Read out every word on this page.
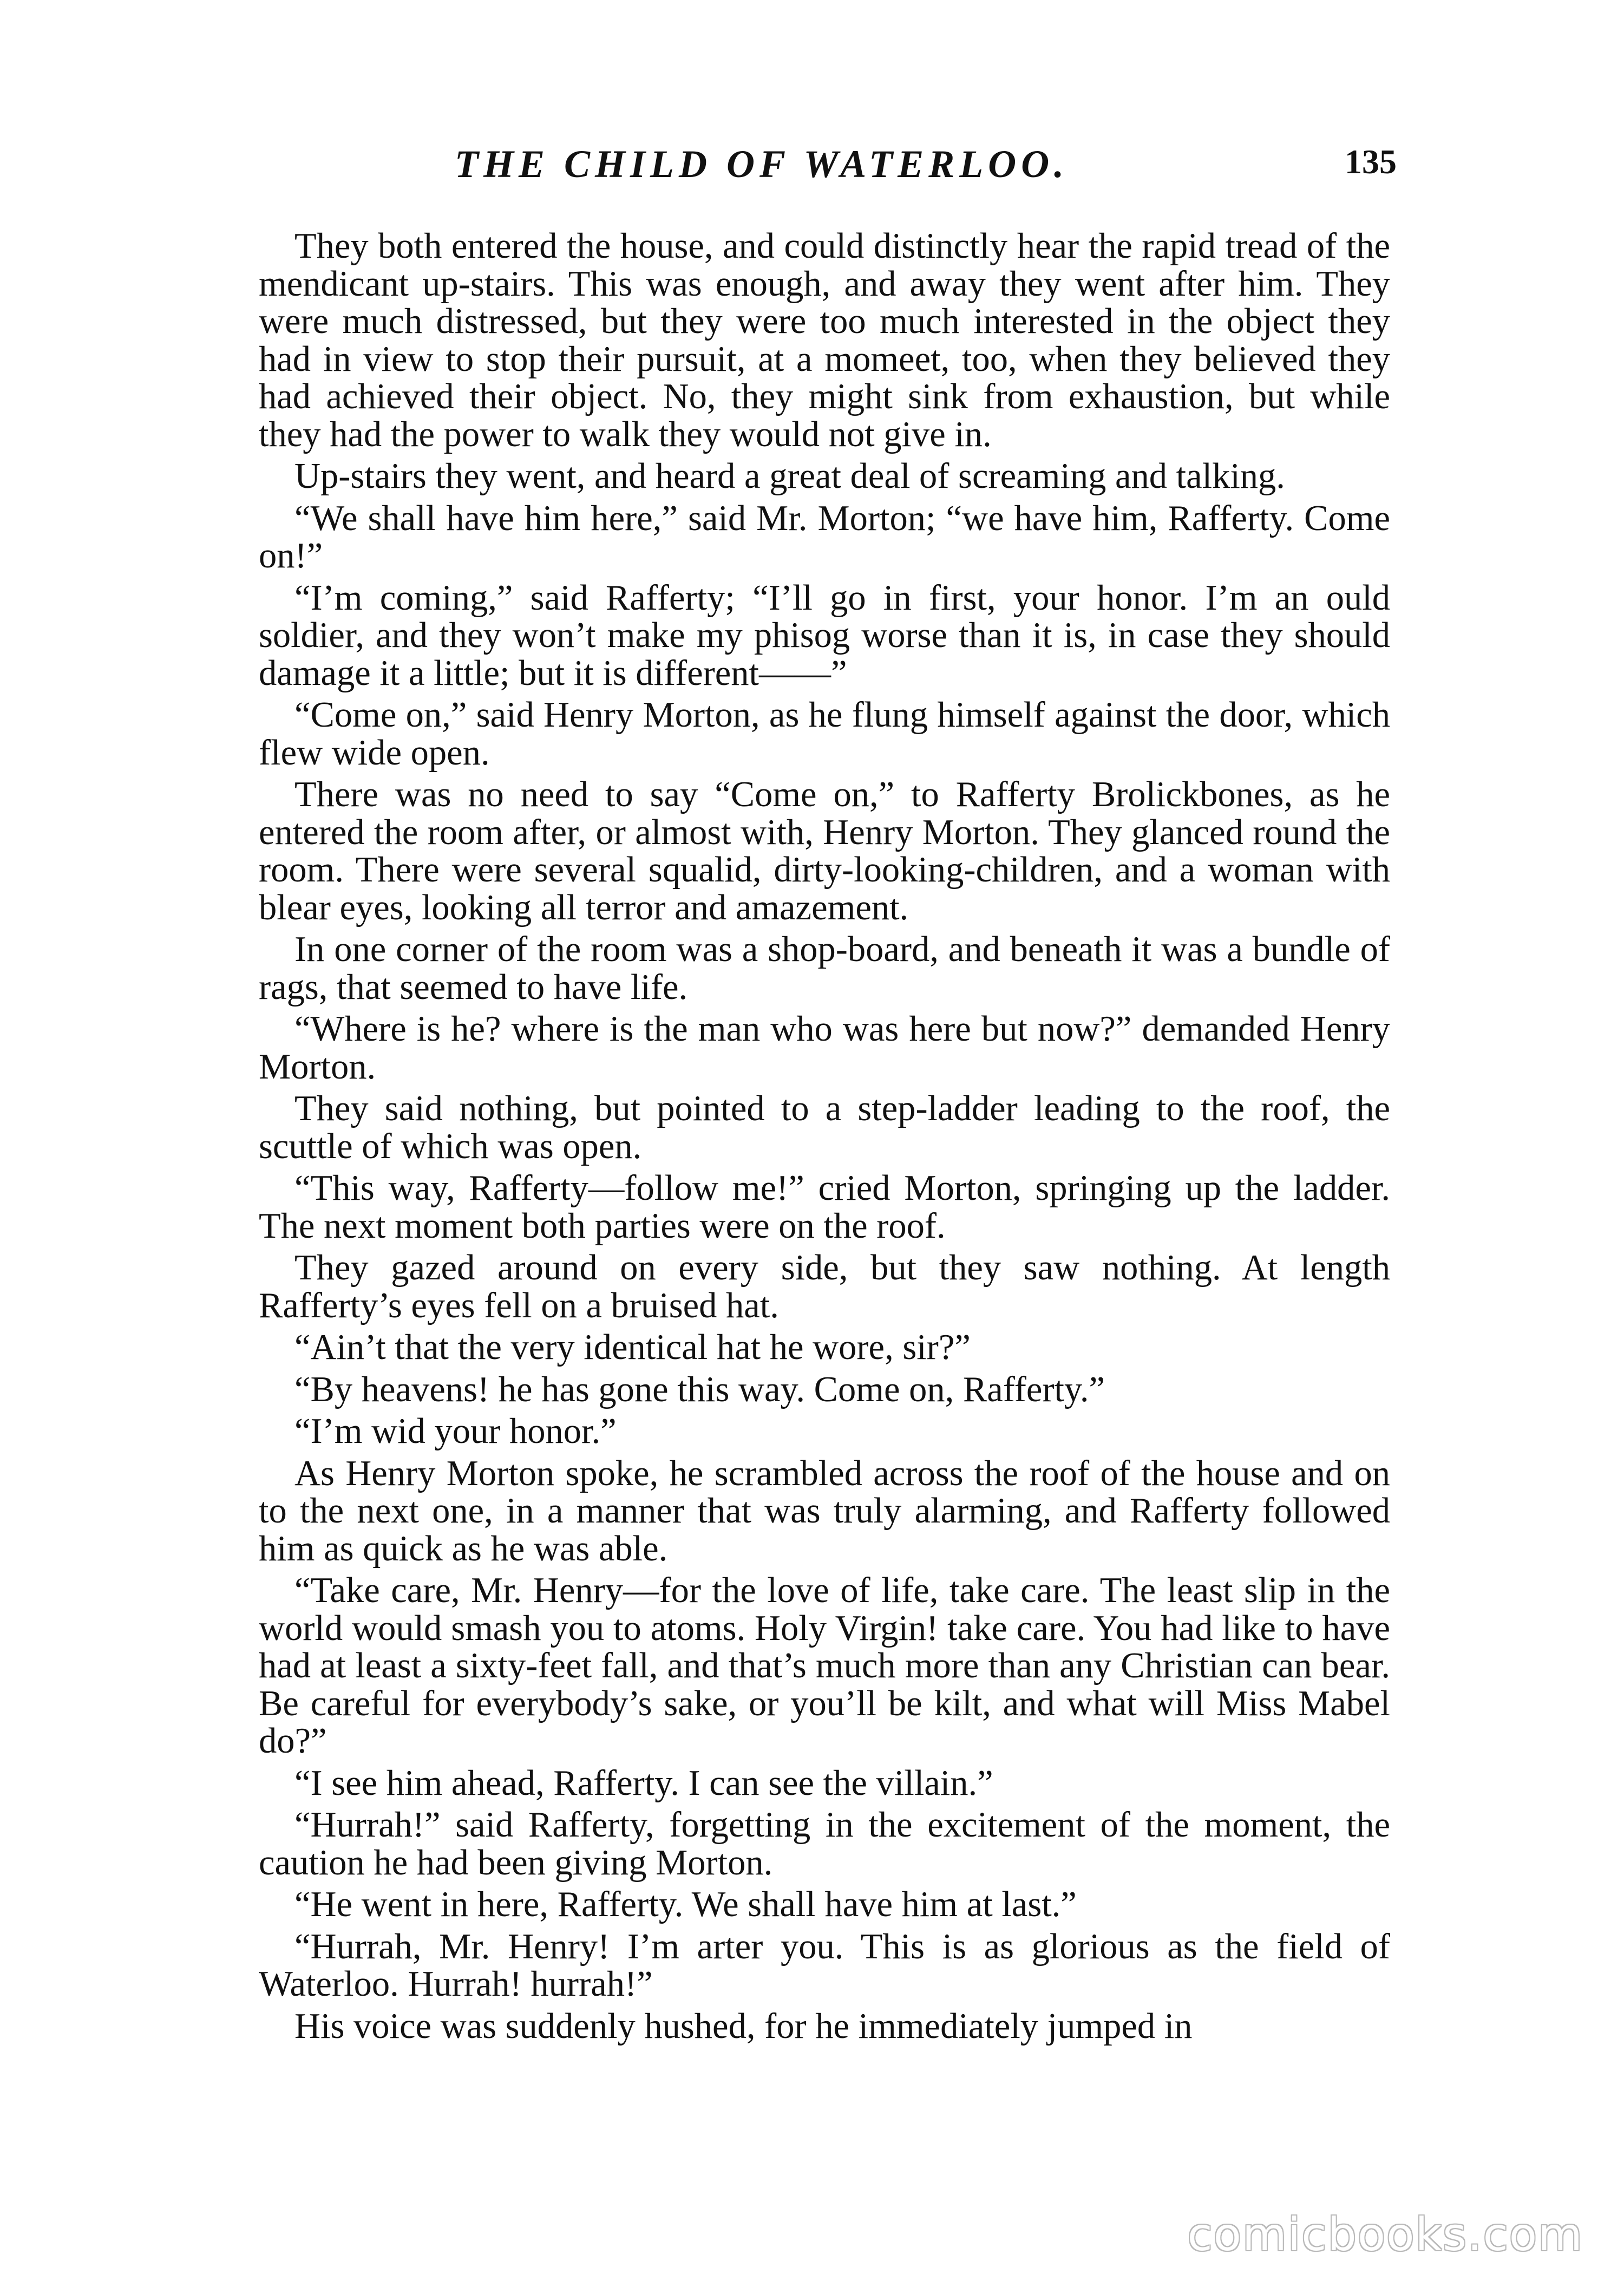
THE CHILD OF WATERLOO.	135

They both entered the house, and could distinctly hear the rapid tread of the mendicant up-stairs. This was enough, and away they went after him. They were much distressed, but they were too much interested in the object they had in view to stop their pursuit, at a momeet, too, when they believed they had achieved their object. No, they might sink from exhaustion, but while they had the power to walk they would not give in.

Up-stairs they went, and heard a great deal of screaming and talking.

“We shall have him here,” said Mr. Morton; “we have him, Rafferty. Come on!”

“I’m coming,” said Rafferty; “I’ll go in first, your honor. I’m an ould soldier, and they won’t make my phisog worse than it is, in case they should damage it a little; but it is different——”

“Come on,” said Henry Morton, as he flung himself against the door, which flew wide open.

There was no need to say “Come on,” to Rafferty Brolickbones, as he entered the room after, or almost with, Henry Morton. They glanced round the room. There were several squalid, dirty-looking-children, and a woman with blear eyes, looking all terror and amazement.

In one corner of the room was a shop-board, and beneath it was a bundle of rags, that seemed to have life.

“Where is he? where is the man who was here but now?” demanded Henry Morton.

They said nothing, but pointed to a step-ladder leading to the roof, the scuttle of which was open.

“This way, Rafferty—follow me!” cried Morton, springing up the ladder. The next moment both parties were on the roof.

They gazed around on every side, but they saw nothing. At length Rafferty’s eyes fell on a bruised hat.

“Ain’t that the very identical hat he wore, sir?”

“By heavens! he has gone this way. Come on, Rafferty.”

“I’m wid your honor.”

As Henry Morton spoke, he scrambled across the roof of the house and on to the next one, in a manner that was truly alarming, and Rafferty followed him as quick as he was able.

“Take care, Mr. Henry—for the love of life, take care. The least slip in the world would smash you to atoms. Holy Virgin! take care. You had like to have had at least a sixty-feet fall, and that’s much more than any Christian can bear. Be careful for everybody’s sake, or you’ll be kilt, and what will Miss Mabel do?”

“I see him ahead, Rafferty. I can see the villain.”

“Hurrah!” said Rafferty, forgetting in the excitement of the moment, the caution he had been giving Morton.

“He went in here, Rafferty. We shall have him at last.”

“Hurrah, Mr. Henry! I’m arter you. This is as glorious as the field of Waterloo. Hurrah! hurrah!”

His voice was suddenly hushed, for he immediately jumped in

comicbooks.com
